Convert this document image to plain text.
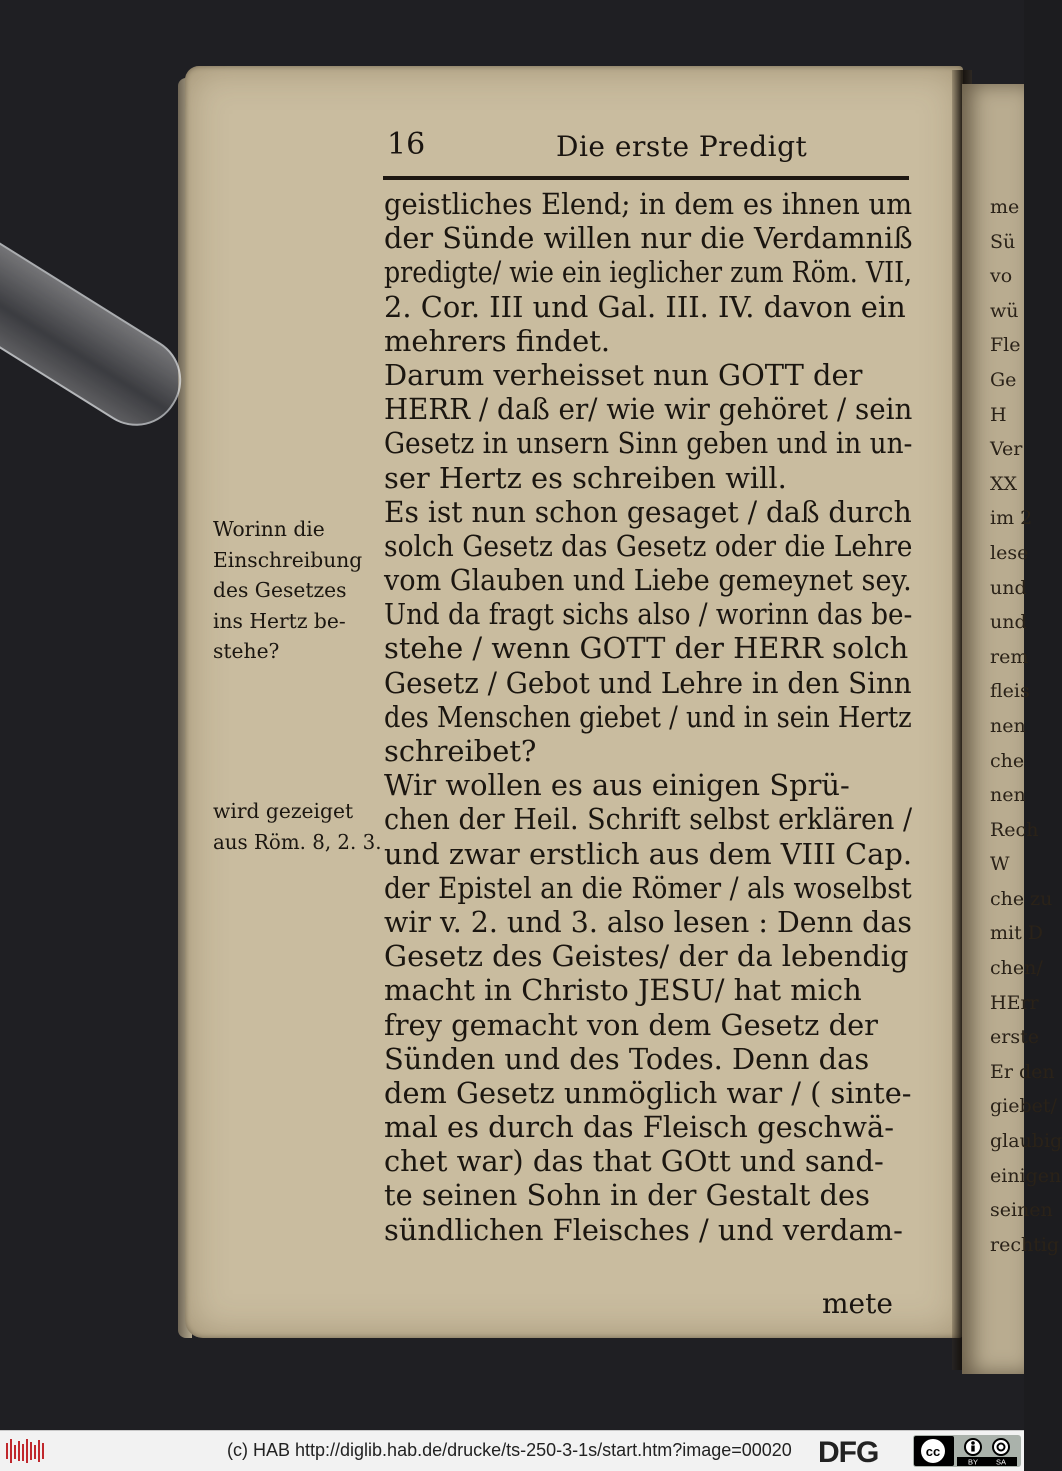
16	Die erste Predigt
geistliches Elend; in dem es ihnen um
der Sünde willen nur die Verdamniß
predigte/ wie ein ieglicher zum Röm. VII,
2. Cor. III und Gal. III. IV. davon ein
mehrers findet.
Darum verheisset nun GOTT der
HERR / daß er/ wie wir gehöret / sein
Gesetz in unsern Sinn geben und in un-
ser Hertz es schreiben will.
Es ist nun schon gesaget / daß durch
solch Gesetz das Gesetz oder die Lehre
vom Glauben und Liebe gemeynet sey.
Und da fragt sichs also / worinn das be-
stehe / wenn GOTT der HERR solch
Gesetz / Gebot und Lehre in den Sinn
des Menschen giebet / und in sein Hertz
schreibet?
Wir wollen es aus einigen Sprü-
chen der Heil. Schrift selbst erklären /
und zwar erstlich aus dem VIII Cap.
der Epistel an die Römer / als woselbst
wir v. 2. und 3. also lesen : Denn das
Gesetz des Geistes/ der da lebendig
macht in Christo JESU/ hat mich
frey gemacht von dem Gesetz der
Sünden und des Todes. Denn das
dem Gesetz unmöglich war / ( sinte-
mal es durch das Fleisch geschwä-
chet war) das that GOtt und sand-
te seinen Sohn in der Gestalt des
sündlichen Fleisches / und verdam-
Worinn die
Einschreibung
des Gesetzes
ins Hertz be-
stehe?
wird gezeiget
aus Röm. 8, 2. 3.
mete
me
Sü
vo
wü
Fle
Ge
H
Ver
XX
im 2
lese
und
und
rem
fleis
nen
che
nen
Rech
W
che zu
mit D
chen/
HErr
erste
Er den
giebet/
glaubig
einigen
seinen
rechtig
(c) HAB http://diglib.hab.de/drucke/ts-250-3-1s/start.htm?image=00020 DFG	cc
BY SA
